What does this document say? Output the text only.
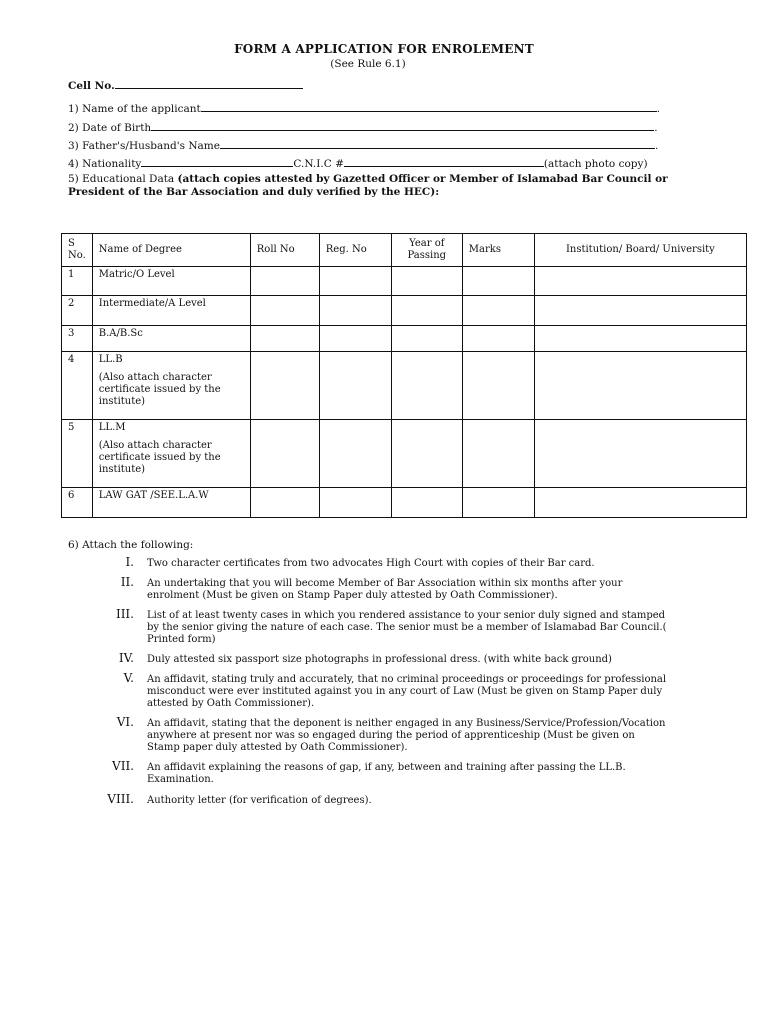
FORM A APPLICATION FOR ENROLEMENT
(See Rule 6.1)
Cell No.
1) Name of the applicant	.
2) Date of Birth	.
3) Father's/Husband's Name	.
4) Nationality	C.N.I.C #	(attach photo copy)
5) Educational Data (attach copies attested by Gazetted Officer or Member of Islamabad Bar Council or President of the Bar Association and duly verified by the HEC):
S No.	Name of Degree	Roll No	Reg. No	Year of Passing	Marks	Institution/ Board/ University
1	Matric/O Level					
2	Intermediate/A Level					
3	B.A/B.Sc					
4	LL.B
(Also attach character certificate issued by the institute)					

5	LL.M
(Also attach character certificate issued by the institute)					

6	LAW GAT /SEE.L.A.W					
6) Attach the following:
I. Two character certificates from two advocates High Court with copies of their Bar card.
II. An undertaking that you will become Member of Bar Association within six months after your enrolment (Must be given on Stamp Paper duly attested by Oath Commissioner).
III. List of at least twenty cases in which you rendered assistance to your senior duly signed and stamped by the senior giving the nature of each case. The senior must be a member of Islamabad Bar Council.( Printed form)
IV. Duly attested six passport size photographs in professional dress. (with white back ground)
V. An affidavit, stating truly and accurately, that no criminal proceedings or proceedings for professional misconduct were ever instituted against you in any court of Law (Must be given on Stamp Paper duly attested by Oath Commissioner).
VI. An affidavit, stating that the deponent is neither engaged in any Business/Service/Profession/Vocation anywhere at present nor was so engaged during the period of apprenticeship (Must be given on Stamp paper duly attested by Oath Commissioner).
VII. An affidavit explaining the reasons of gap, if any, between and training after passing the LL.B. Examination.
VIII. Authority letter (for verification of degrees).
